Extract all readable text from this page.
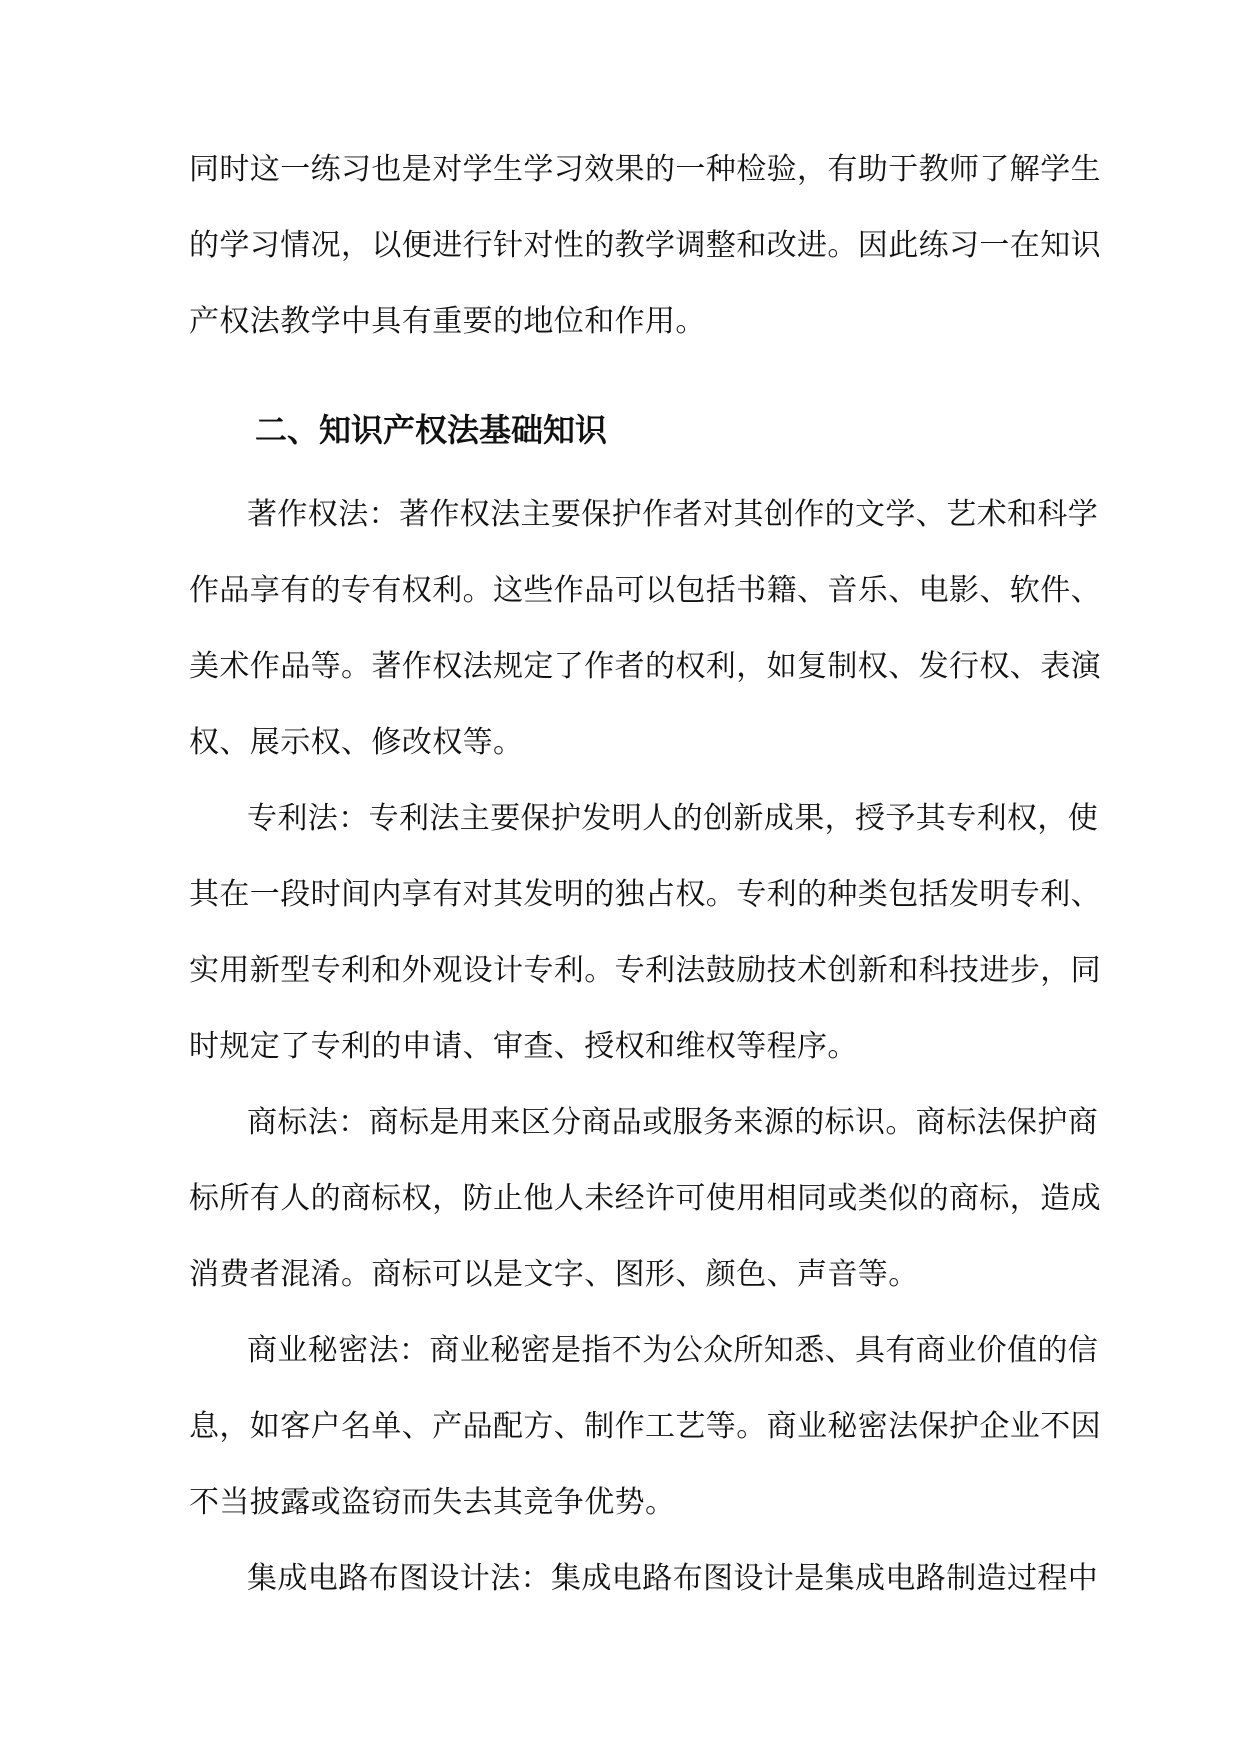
同时这一练习也是对学生学习效果的一种检验，有助于教师了解学生
的学习情况，以便进行针对性的教学调整和改进。因此练习一在知识
产权法教学中具有重要的地位和作用。
二、知识产权法基础知识
著作权法：著作权法主要保护作者对其创作的文学、艺术和科学
作品享有的专有权利。这些作品可以包括书籍、音乐、电影、软件、
美术作品等。著作权法规定了作者的权利，如复制权、发行权、表演
权、展示权、修改权等。
专利法：专利法主要保护发明人的创新成果，授予其专利权，使
其在一段时间内享有对其发明的独占权。专利的种类包括发明专利、
实用新型专利和外观设计专利。专利法鼓励技术创新和科技进步，同
时规定了专利的申请、审查、授权和维权等程序。
商标法：商标是用来区分商品或服务来源的标识。商标法保护商
标所有人的商标权，防止他人未经许可使用相同或类似的商标，造成
消费者混淆。商标可以是文字、图形、颜色、声音等。
商业秘密法：商业秘密是指不为公众所知悉、具有商业价值的信
息，如客户名单、产品配方、制作工艺等。商业秘密法保护企业不因
不当披露或盗窃而失去其竞争优势。
集成电路布图设计法：集成电路布图设计是集成电路制造过程中
